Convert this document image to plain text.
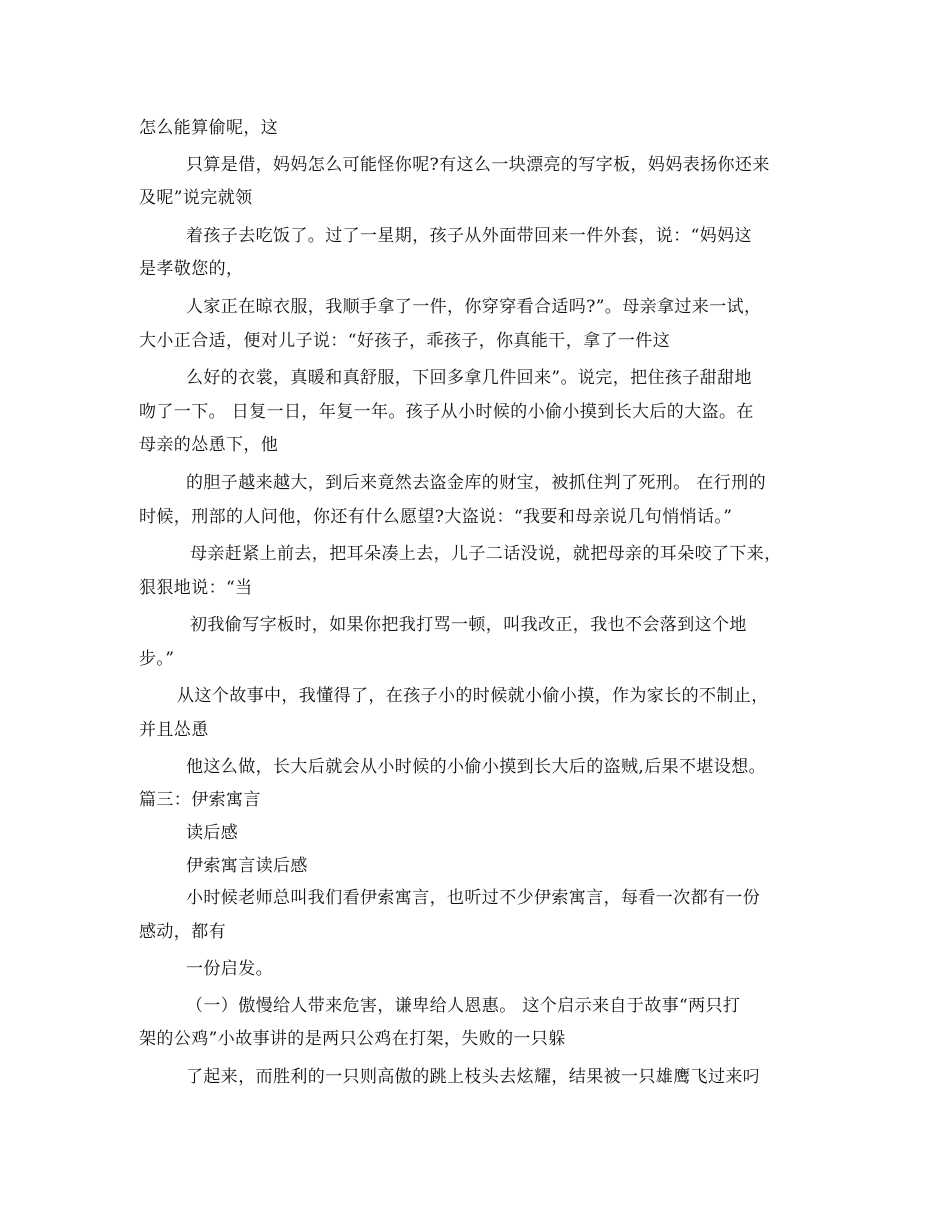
怎么能算偷呢，这
只算是借，妈妈怎么可能怪你呢?有这么一块漂亮的写字板，妈妈表扬你还来
及呢”说完就领
着孩子去吃饭了。过了一星期，孩子从外面带回来一件外套，说：“妈妈这
是孝敬您的，
人家正在晾衣服，我顺手拿了一件，你穿穿看合适吗?”。母亲拿过来一试，
大小正合适，便对儿子说：“好孩子，乖孩子，你真能干，拿了一件这
么好的衣裳，真暖和真舒服，下回多拿几件回来”。说完，把住孩子甜甜地
吻了一下。 日复一日，年复一年。孩子从小时候的小偷小摸到长大后的大盗。在
母亲的怂恿下，他
的胆子越来越大，到后来竟然去盗金库的财宝，被抓住判了死刑。 在行刑的
时候，刑部的人问他，你还有什么愿望?大盗说：“我要和母亲说几句悄悄话。”
母亲赶紧上前去，把耳朵凑上去，儿子二话没说，就把母亲的耳朵咬了下来，
狠狠地说：“当
初我偷写字板时，如果你把我打骂一顿，叫我改正，我也不会落到这个地
步。”
从这个故事中，我懂得了，在孩子小的时候就小偷小摸，作为家长的不制止，
并且怂恿
他这么做，长大后就会从小时候的小偷小摸到长大后的盗贼,后果不堪设想。
篇三：伊索寓言
读后感
伊索寓言读后感
小时候老师总叫我们看伊索寓言，也听过不少伊索寓言，每看一次都有一份
感动，都有
一份启发。
（一）傲慢给人带来危害，谦卑给人恩惠。 这个启示来自于故事“两只打
架的公鸡”小故事讲的是两只公鸡在打架，失败的一只躲
了起来，而胜利的一只则高傲的跳上枝头去炫耀，结果被一只雄鹰飞过来叼
